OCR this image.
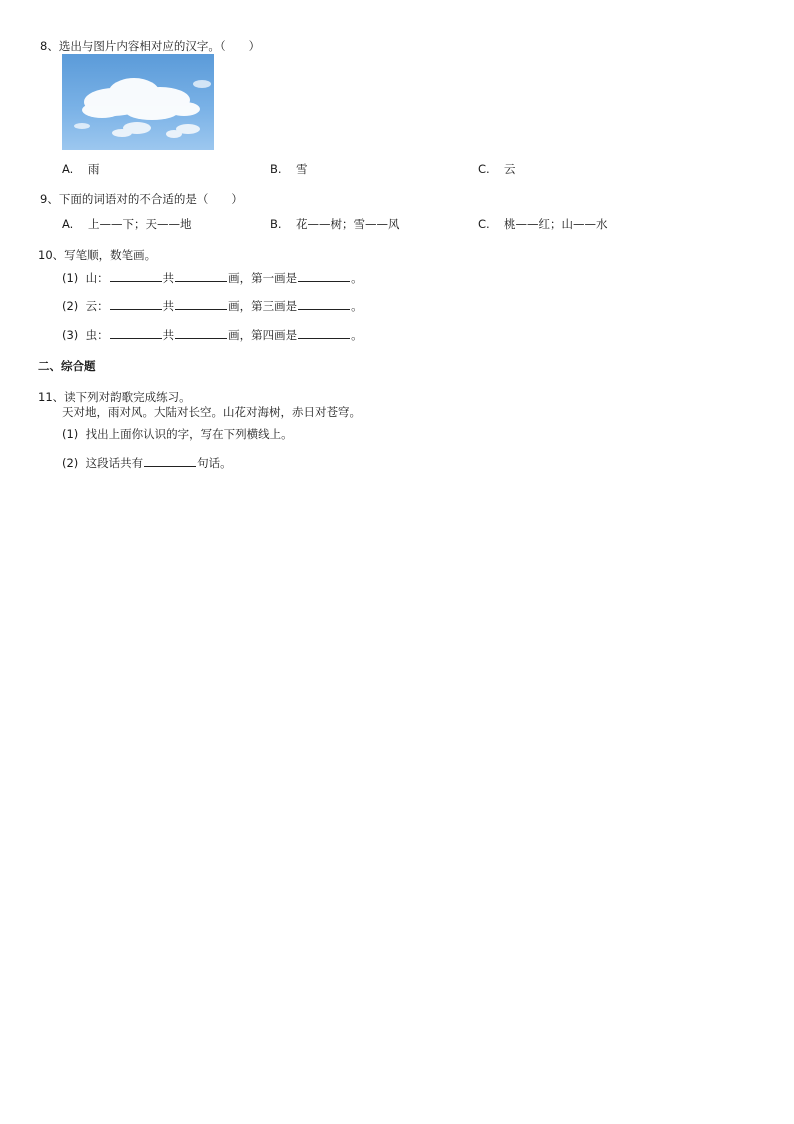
8、选出与图片内容相对应的汉字。（　　）
A. 雨	B. 雪	C. 云
9、下面的词语对的不合适的是（　　）
A. 上——下；天——地	B. 花——树；雪——风	C. 桃——红；山——水
10、写笔顺，数笔画。
(1) 山：	共	画，第一画是	。
(2) 云：	共	画，第三画是	。
(3) 虫：	共	画，第四画是	。
二、综合题
11、读下列对韵歌完成练习。
天对地，雨对风。大陆对长空。山花对海树，赤日对苍穹。
(1) 找出上面你认识的字，写在下列横线上。
(2) 这段话共有	句话。
